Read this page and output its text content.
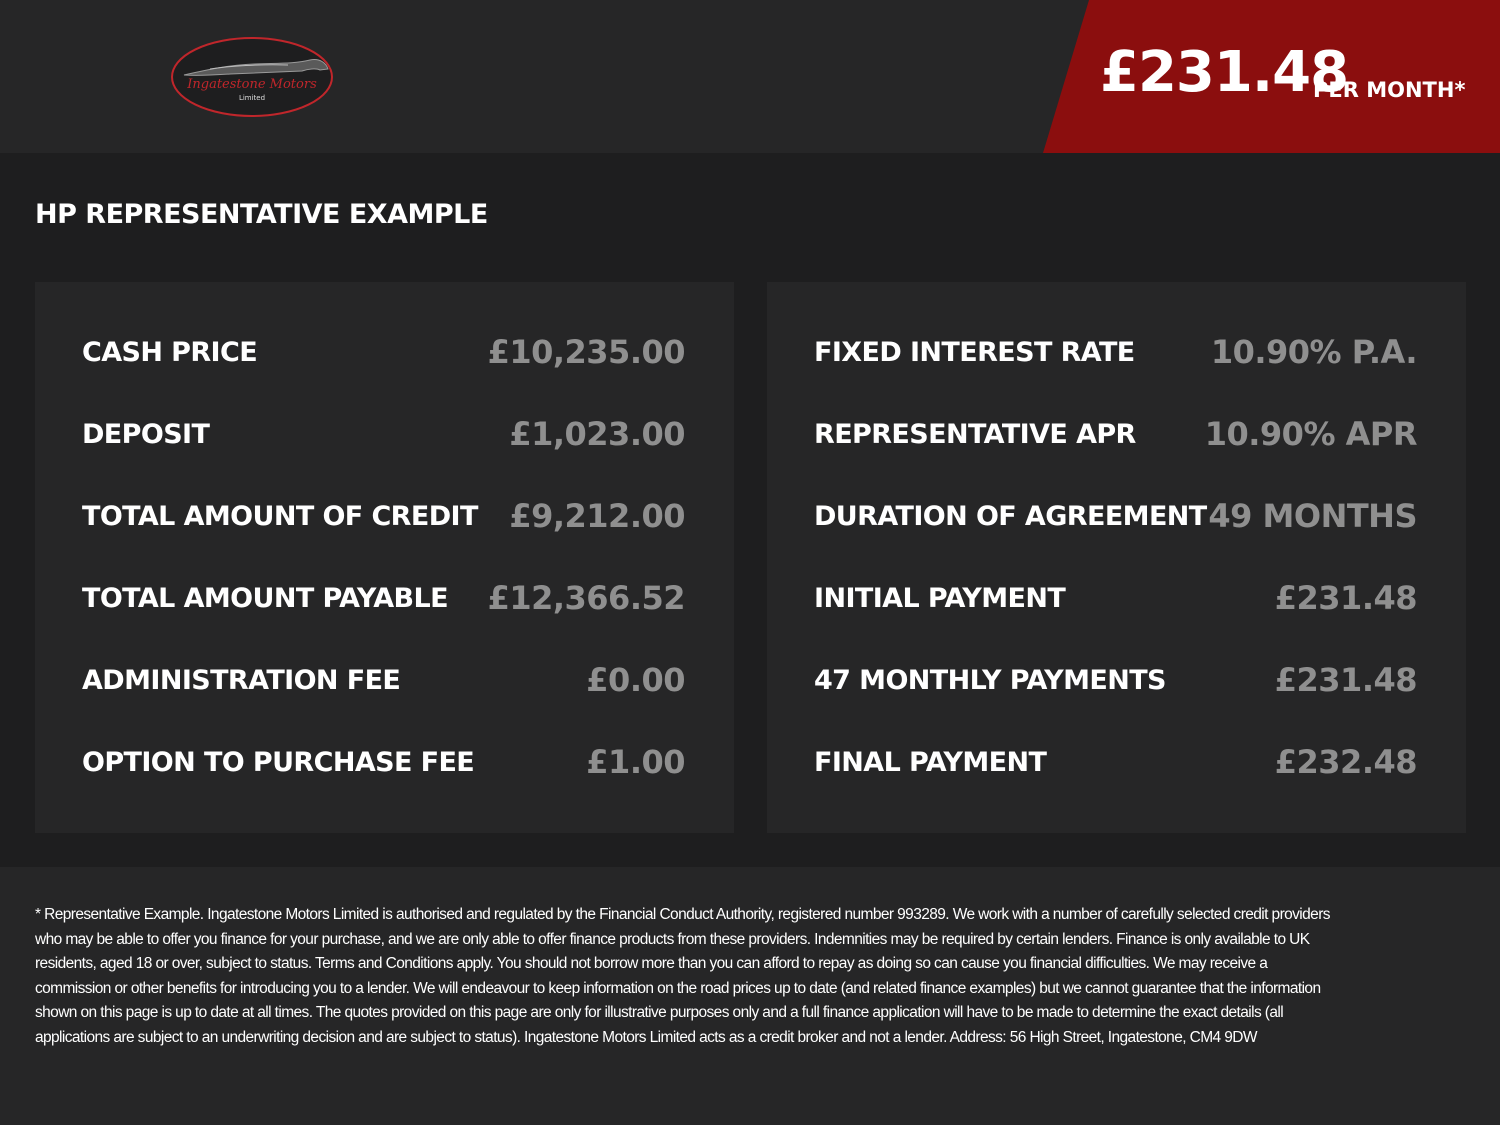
Ingatestone Motors
Limited	£231.48
PER MONTH*
HP REPRESENTATIVE EXAMPLE
CASH PRICE	£10,235.00
DEPOSIT	£1,023.00
TOTAL AMOUNT OF CREDIT £9,212.00
TOTAL AMOUNT PAYABLE £12,366.52
ADMINISTRATION FEE	£0.00
OPTION TO PURCHASE FEE	£1.00
FIXED INTEREST RATE 10.90% P.A.
REPRESENTATIVE APR 10.90% APR
DURATION OF AGREEMENT 49 MONTHS
INITIAL PAYMENT	£231.48
47 MONTHLY PAYMENTS	£231.48
FINAL PAYMENT	£232.48
* Representative Example. Ingatestone Motors Limited is authorised and regulated by the Financial Conduct Authority, registered number 993289. We work with a number of carefully selected credit providers who may be able to offer you finance for your purchase, and we are only able to offer finance products from these providers. Indemnities may be required by certain lenders. Finance is only available to UK residents, aged 18 or over, subject to status. Terms and Conditions apply. You should not borrow more than you can afford to repay as doing so can cause you financial difficulties. We may receive a commission or other benefits for introducing you to a lender. We will endeavour to keep information on the road prices up to date (and related finance examples) but we cannot guarantee that the information shown on this page is up to date at all times. The quotes provided on this page are only for illustrative purposes only and a full finance application will have to be made to determine the exact details (all applications are subject to an underwriting decision and are subject to status). Ingatestone Motors Limited acts as a credit broker and not a lender. Address: 56 High Street, Ingatestone, CM4 9DW
